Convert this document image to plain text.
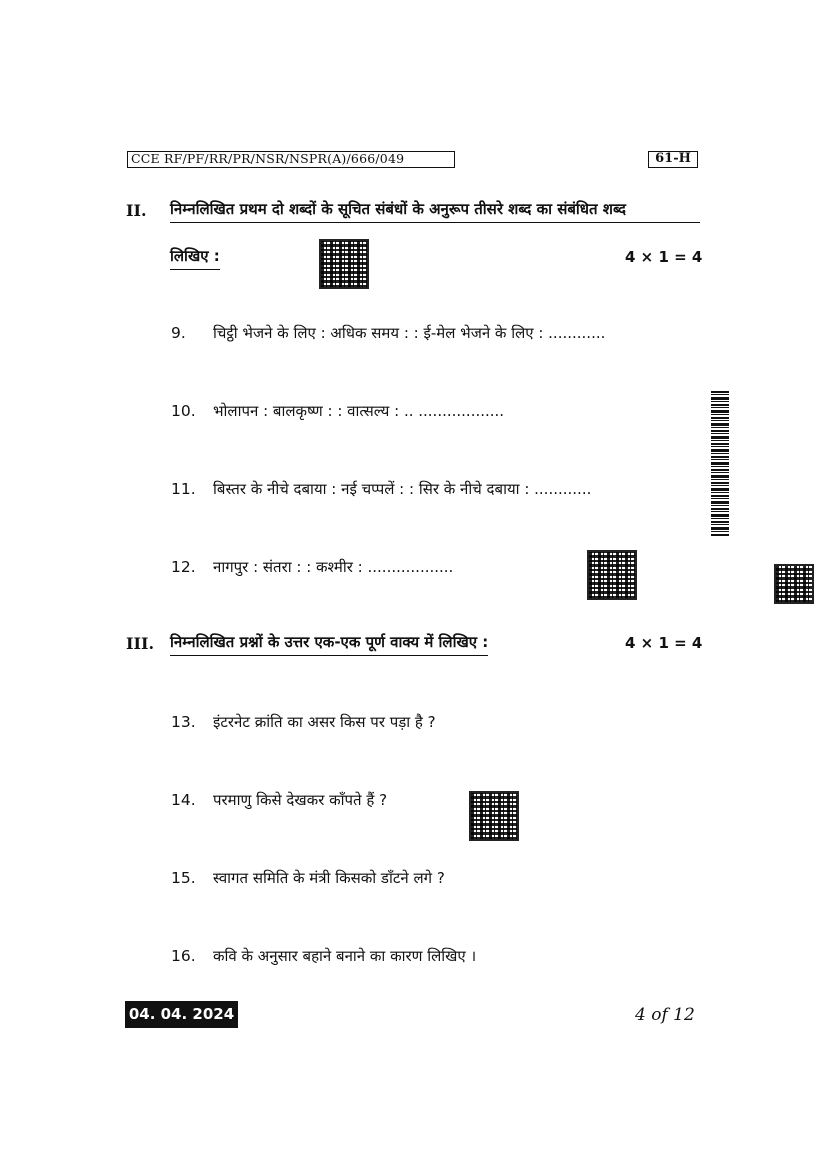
CCE RF/PF/RR/PR/NSR/NSPR(A)/666/049	61-H
II. निम्नलिखित प्रथम दो शब्दों के सूचित संबंधों के अनुरूप तीसरे शब्द का संबंधित शब्द
लिखिए :	4 × 1 = 4
9. चिट्ठी भेजने के लिए : अधिक समय : : ई-मेल भेजने के लिए : ............
10. भोलापन : बालकृष्ण : : वात्सल्य : .. ..................
11. बिस्तर के नीचे दबाया : नई चप्पलें : : सिर के नीचे दबाया : ............
12. नागपुर : संतरा : : कश्मीर : ..................
III. निम्नलिखित प्रश्नों के उत्तर एक-एक पूर्ण वाक्य में लिखिए :	4 × 1 = 4
13. इंटरनेट क्रांति का असर किस पर पड़ा है ?
14. परमाणु किसे देखकर काँपते हैं ?
15. स्वागत समिति के मंत्री किसको डाँटने लगे ?
16. कवि के अनुसार बहाने बनाने का कारण लिखिए ।
04. 04. 2024	4 of 12
